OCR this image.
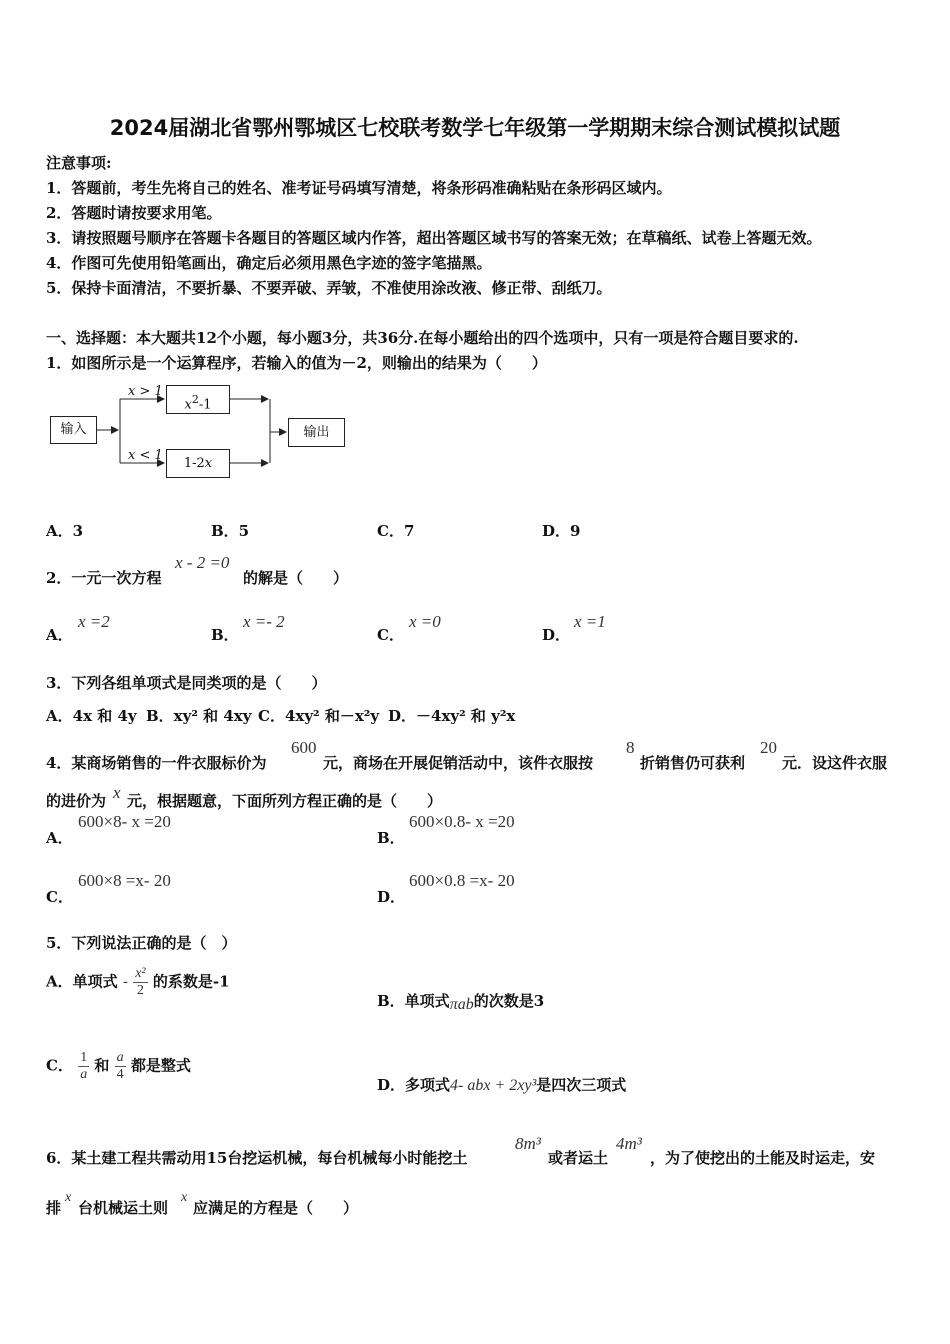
2024届湖北省鄂州鄂城区七校联考数学七年级第一学期期末综合测试模拟试题
注意事项:
1．答题前，考生先将自己的姓名、准考证号码填写清楚，将条形码准确粘贴在条形码区域内。
2．答题时请按要求用笔。
3．请按照题号顺序在答题卡各题目的答题区域内作答，超出答题区域书写的答案无效；在草稿纸、试卷上答题无效。
4．作图可先使用铅笔画出，确定后必须用黑色字迹的签字笔描黑。
5．保持卡面清洁，不要折暴、不要弄破、弄皱，不准使用涂改液、修正带、刮纸刀。
一、选择题：本大题共12个小题，每小题3分，共36分.在每小题给出的四个选项中，只有一项是符合题目要求的.
1．如图所示是一个运算程序，若输入的值为－2，则输出的结果为（　　）
输入
x > 1
x < 1
$x^2-1$
1-2x
输出
A．3	B．5	C．7	D．9
2．一元一次方程
x - 2 =0
的解是（　　）
A．
x =2
B．
x =- 2
C．
x =0
D．
x =1
3．下列各组单项式是同类项的是（　　）
A．4x 和 4y B．xy² 和 4xy C．4xy² 和－x²y D．－4xy² 和 y²x
4．某商场销售的一件衣服标价为
600
元，商场在开展促销活动中，该件衣服按
8
折销售仍可获利
20
元．设这件衣服
的进价为 x 元，根据题意，下面所列方程正确的是（　　）
A．
600×8- x =20
B．
600×0.8- x =20
C．
600×8 =x- 20
D．
600×0.8 =x- 20
5．下列说法正确的是（　）
A．单项式 - $\frac{\text{x²}}{2}$ 的系数是-1
B．单项式πab的次数是3
C． $\frac{1}{a}$ 和 $\frac{a}{4}$ 都是整式
D．多项式4- abx + 2xy³是四次三项式
6．某土建工程共需动用15台挖运机械，每台机械每小时能挖土
8m³
或者运土
4m³
，为了使挖出的土能及时运走，安
排
x
台机械运土则
x
应满足的方程是（　　）
